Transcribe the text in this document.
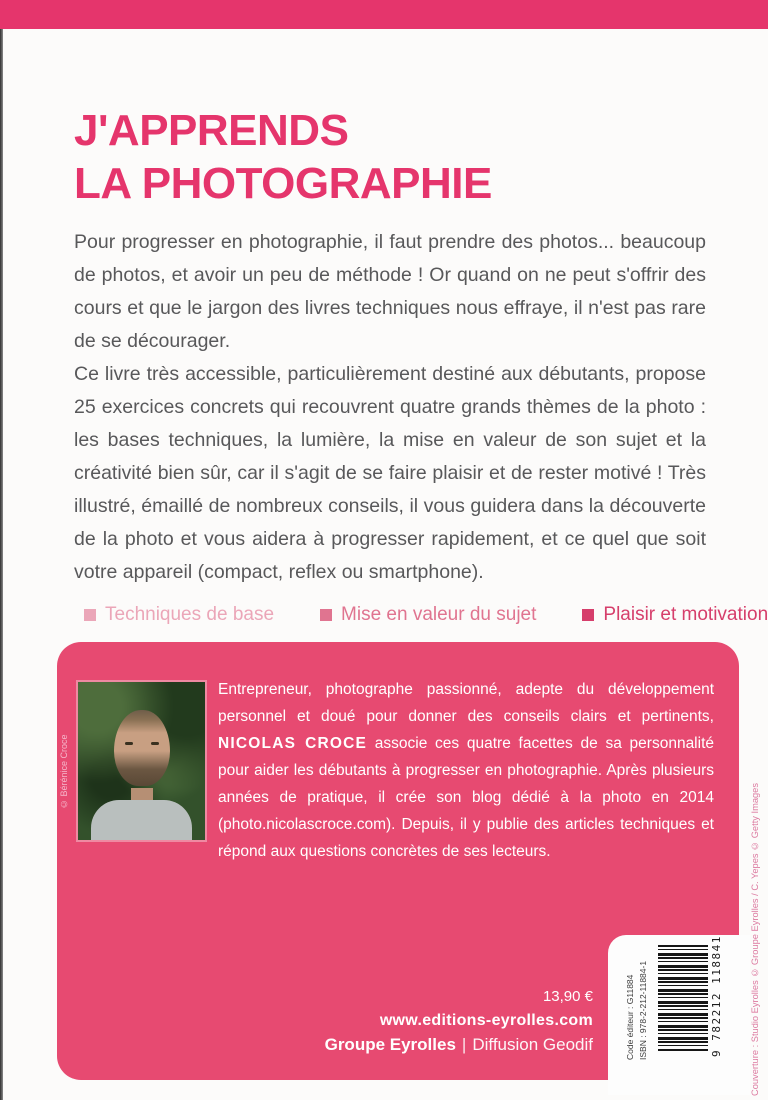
J'APPRENDS
LA PHOTOGRAPHIE

Pour progresser en photographie, il faut prendre des photos... beaucoup de photos, et avoir un peu de méthode ! Or quand on ne peut s'offrir des cours et que le jargon des livres techniques nous effraye, il n'est pas rare de se décourager.

Ce livre très accessible, particulièrement destiné aux débutants, propose 25 exercices concrets qui recouvrent quatre grands thèmes de la photo : les bases techniques, la lumière, la mise en valeur de son sujet et la créativité bien sûr, car il s'agit de se faire plaisir et de rester motivé ! Très illustré, émaillé de nombreux conseils, il vous guidera dans la découverte de la photo et vous aidera à progresser rapidement, et ce quel que soit votre appareil (compact, reflex ou smartphone).

Techniques de base	Mise en valeur du sujet	Plaisir et motivation
© Bérénice Croce

Entrepreneur, photographe passionné, adepte du développement personnel et doué pour donner des conseils clairs et pertinents, NICOLAS CROCE associe ces quatre facettes de sa personnalité pour aider les débutants à progresser en photographie. Après plusieurs années de pratique, il crée son blog dédié à la photo en 2014 (photo.nicolascroce.com). Depuis, il y publie des articles techniques et répond aux questions concrètes de ses lecteurs.

13,90 €
www.editions-eyrolles.com
Groupe Eyrolles | Diffusion Geodif	Code éditeur : G11884 ISBN : 978-2-212-11884-1	9 782212 118841	Couverture : Studio Eyrolles © Groupe Eyrolles / C. Yepes © Getty Images
